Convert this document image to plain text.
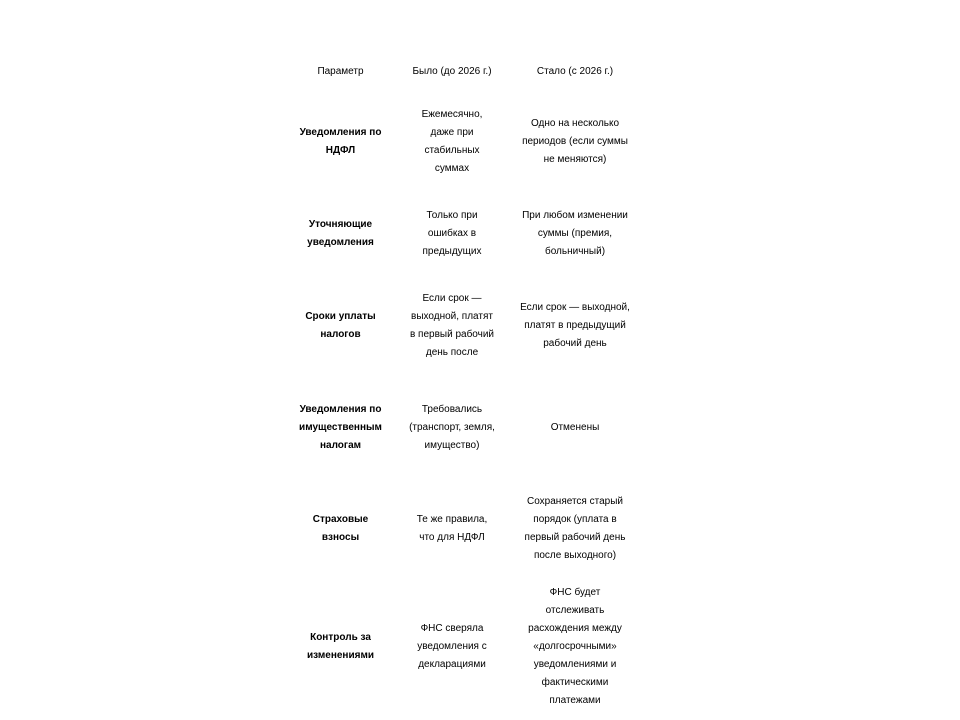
Параметр	Было (до 2026 г.)	Стало (с 2026 г.)

Уведомления по НДФЛ	Ежемесячно, даже при стабильных суммах	Одно на несколько периодов (если суммы не меняются)

Уточняющие уведомления	Только при ошибках в предыдущих	При любом изменении суммы (премия, больничный)

Сроки уплаты налогов	Если срок — выходной, платят в первый рабочий день после	Если срок — выходной, платят в предыдущий рабочий день

Уведомления по имущественным налогам	Требовались (транспорт, земля, имущество)	Отменены

Страховые взносы	Те же правила, что для НДФЛ	Сохраняется старый порядок (уплата в первый рабочий день после выходного)

Контроль за изменениями	ФНС сверяла уведомления с декларациями	ФНС будет отслеживать расхождения между «долгосрочными» уведомлениями и фактическими платежами
